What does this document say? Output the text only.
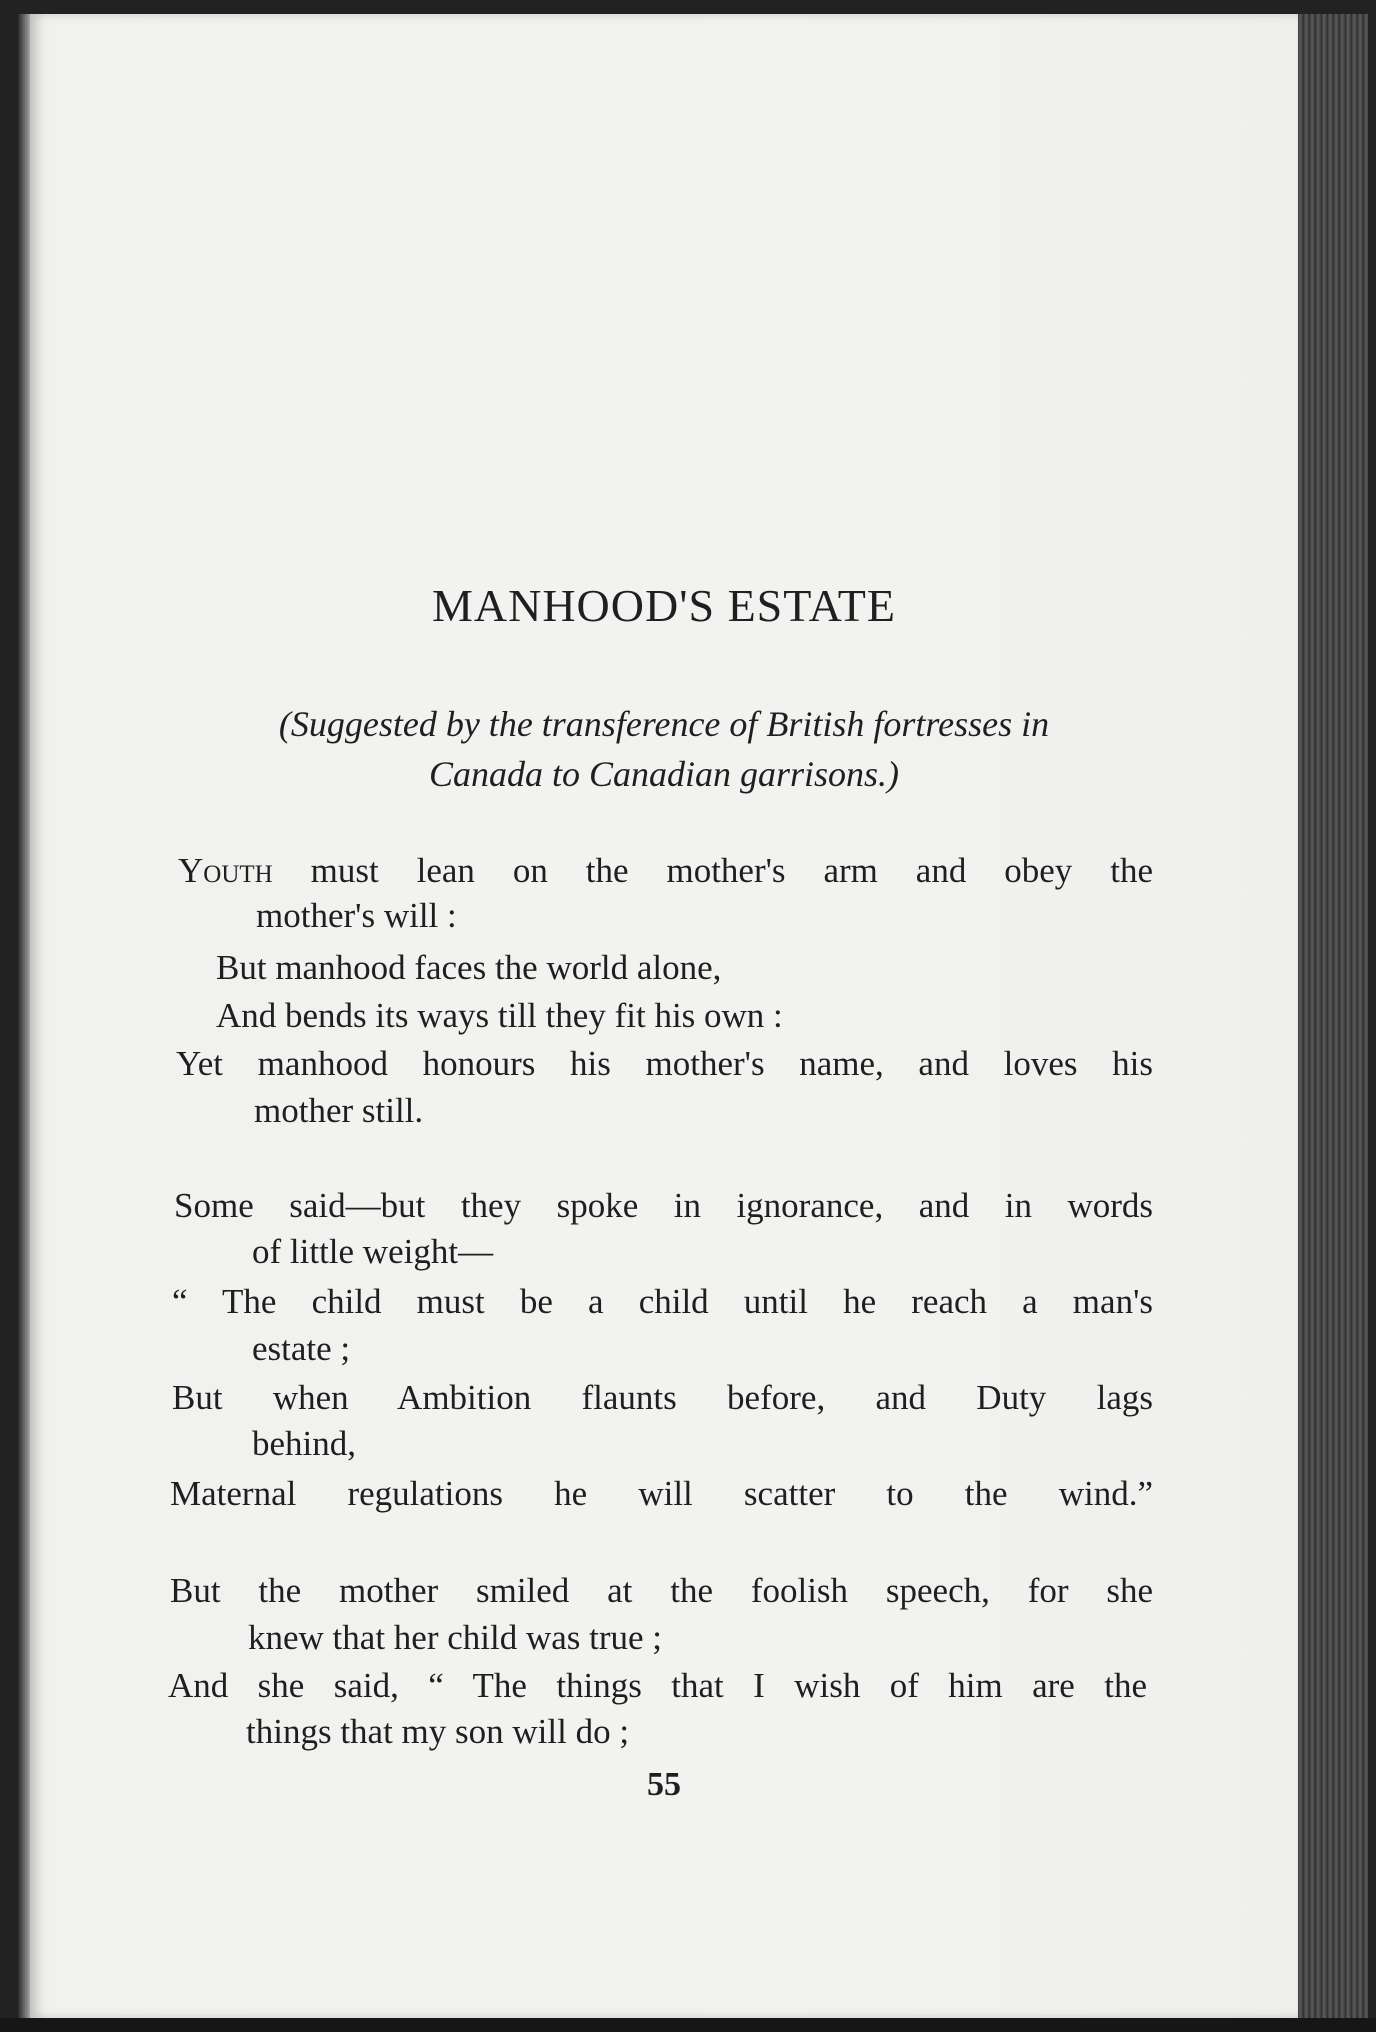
MANHOOD'S ESTATE
(Suggested by the transference of British fortresses in
Canada to Canadian garrisons.)
Youth must lean on the mother's arm and obey the
mother's will :
But manhood faces the world alone,
And bends its ways till they fit his own :
Yet manhood honours his mother's name, and loves his
mother still.
Some said—but they spoke in ignorance, and in words
of little weight—
“ The child must be a child until he reach a man's
estate ;
But when Ambition flaunts before, and Duty lags
behind,
Maternal regulations he will scatter to the wind.”
But the mother smiled at the foolish speech, for she
knew that her child was true ;
And she said, “ The things that I wish of him are the
things that my son will do ;
55
